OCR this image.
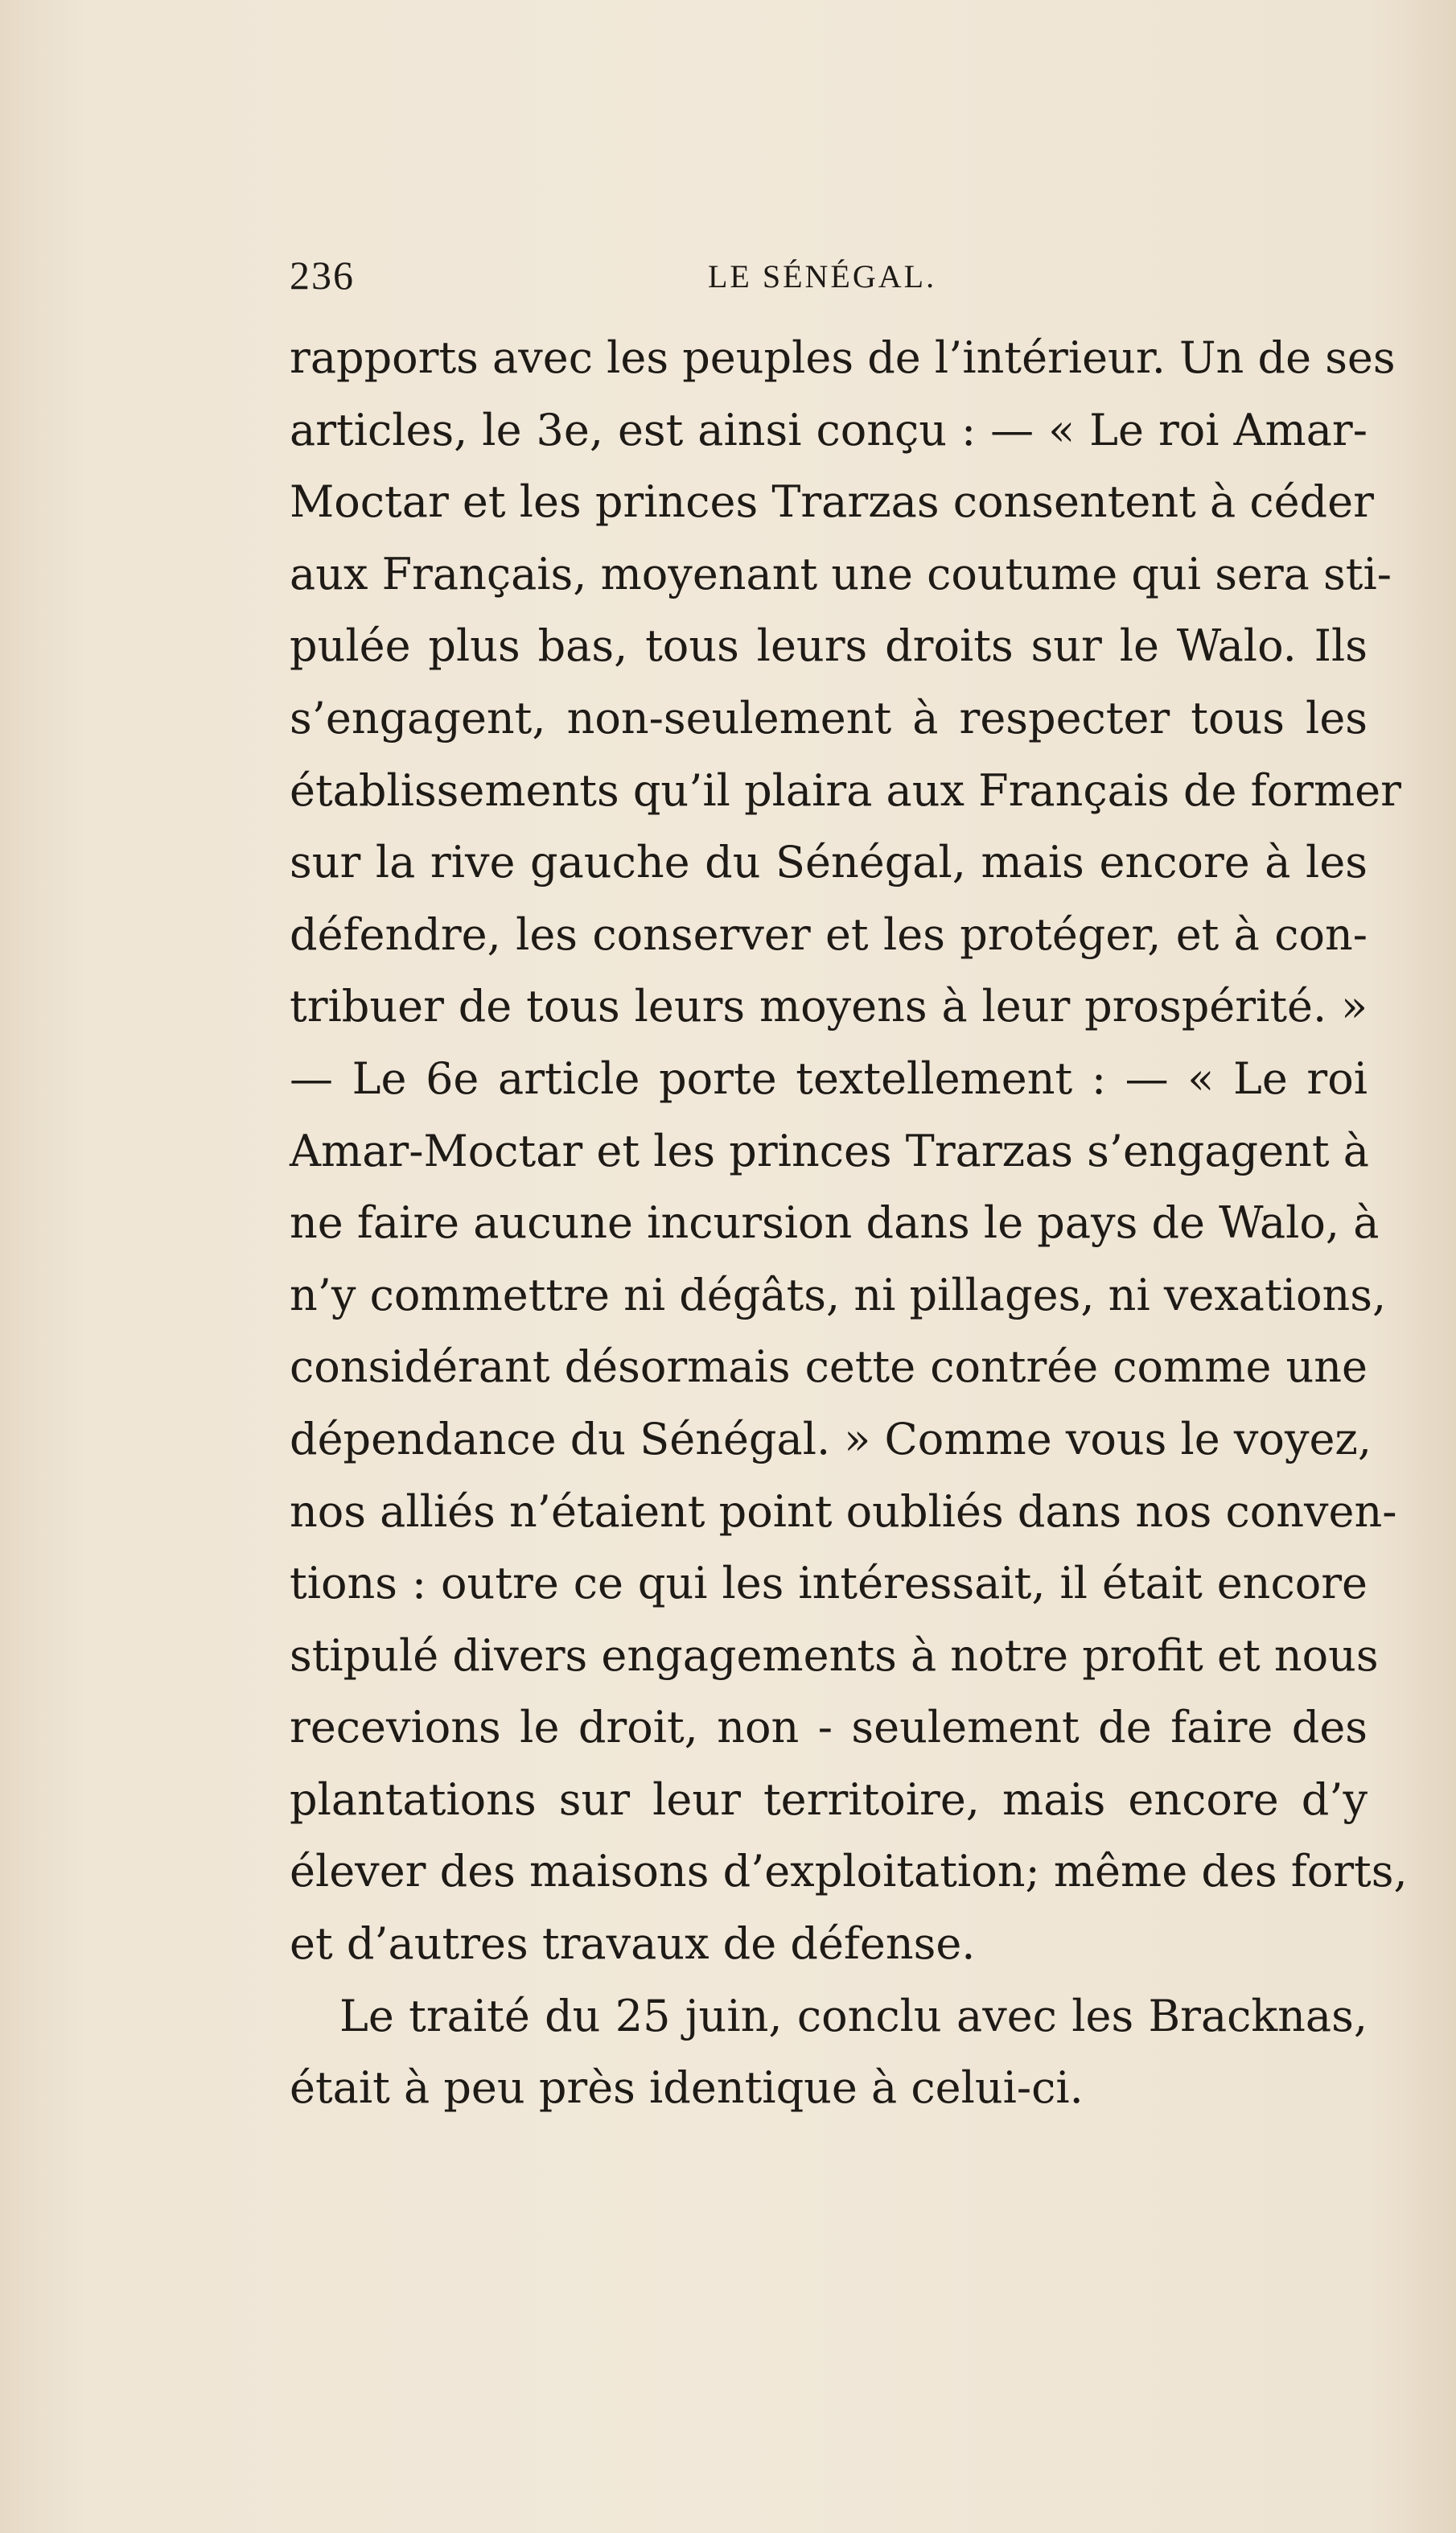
236	LE SÉNÉGAL.
rapports avec les peuples de l’intérieur. Un de ses
articles, le 3e, est ainsi conçu : — « Le roi Amar-
Moctar et les princes Trarzas consentent à céder
aux Français, moyenant une coutume qui sera sti-
pulée plus bas, tous leurs droits sur le Walo. Ils
s’engagent, non-seulement à respecter tous les
établissements qu’il plaira aux Français de former
sur la rive gauche du Sénégal, mais encore à les
défendre, les conserver et les protéger, et à con-
tribuer de tous leurs moyens à leur prospérité. »
— Le 6e article porte textellement : — « Le roi
Amar-Moctar et les princes Trarzas s’engagent à
ne faire aucune incursion dans le pays de Walo, à
n’y commettre ni dégâts, ni pillages, ni vexations,
considérant désormais cette contrée comme une
dépendance du Sénégal. » Comme vous le voyez,
nos alliés n’étaient point oubliés dans nos conven-
tions : outre ce qui les intéressait, il était encore
stipulé divers engagements à notre profit et nous
recevions le droit, non - seulement de faire des
plantations sur leur territoire, mais encore d’y
élever des maisons d’exploitation; même des forts,
et d’autres travaux de défense.
Le traité du 25 juin, conclu avec les Bracknas,
était à peu près identique à celui-ci.
